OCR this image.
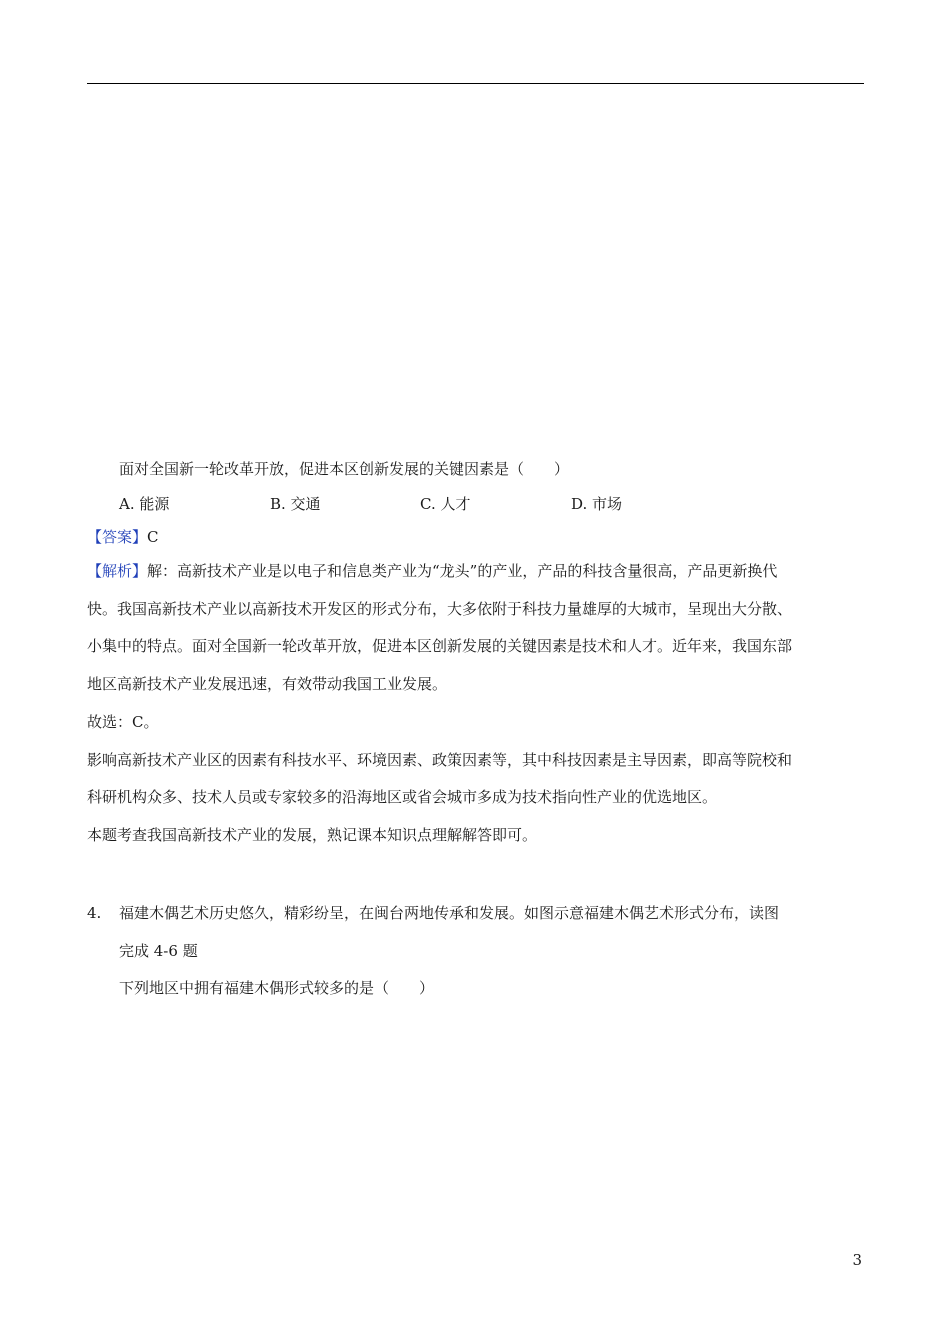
面对全国新一轮改革开放，促进本区创新发展的关键因素是（　　）
A. 能源	B. 交通	C. 人才	D. 市场
【答案】C
【解析】解：高新技术产业是以电子和信息类产业为“龙头”的产业，产品的科技含量很高，产品更新换代
快。我国高新技术产业以高新技术开发区的形式分布，大多依附于科技力量雄厚的大城市，呈现出大分散、
小集中的特点。面对全国新一轮改革开放，促进本区创新发展的关键因素是技术和人才。近年来，我国东部
地区高新技术产业发展迅速，有效带动我国工业发展。
故选：C。
影响高新技术产业区的因素有科技水平、环境因素、政策因素等，其中科技因素是主导因素，即高等院校和
科研机构众多、技术人员或专家较多的沿海地区或省会城市多成为技术指向性产业的优选地区。
本题考查我国高新技术产业的发展，熟记课本知识点理解解答即可。
4. 福建木偶艺术历史悠久，精彩纷呈，在闽台两地传承和发展。如图示意福建木偶艺术形式分布，读图
完成 4-6 题
下列地区中拥有福建木偶形式较多的是（　　）
3
